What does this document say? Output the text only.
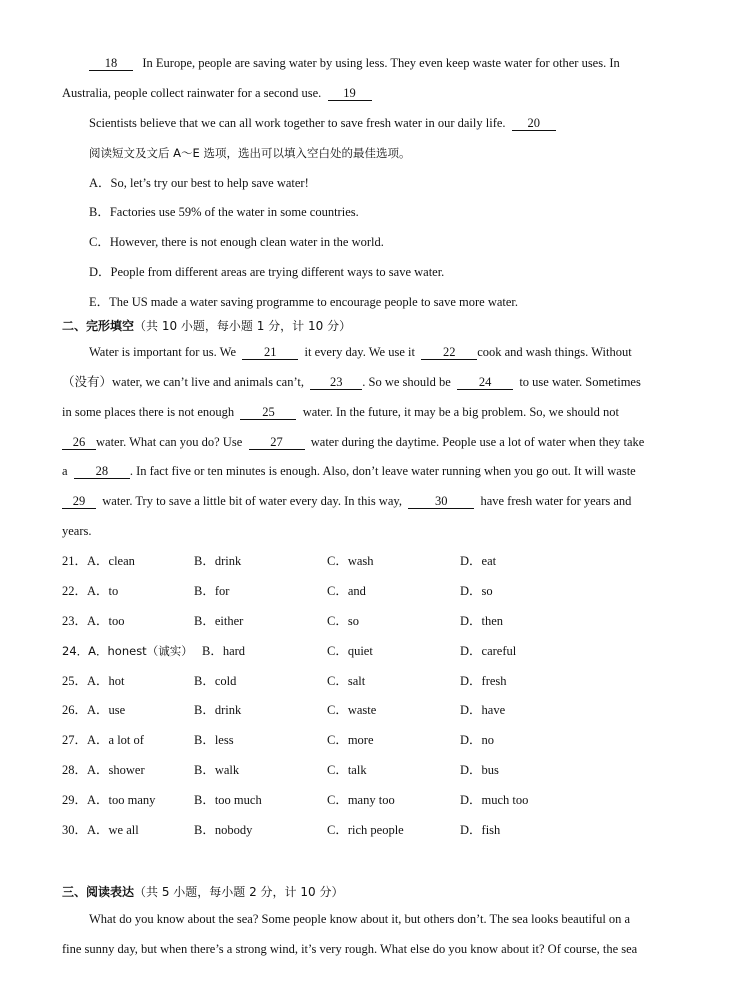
18 In Europe, people are saving water by using less. They even keep waste water for other uses. In
Australia, people collect rainwater for a second use. 19
Scientists believe that we can all work together to save fresh water in our daily life. 20
阅读短文及文后 A～E 选项，选出可以填入空白处的最佳选项。
A．So, let’s try our best to help save water!
B．Factories use 59% of the water in some countries.
C．However, there is not enough clean water in the world.
D．People from different areas are trying different ways to save water.
E．The US made a water saving programme to encourage people to save more water.
二、完形填空（共 10 小题，每小题 1 分，计 10 分）
Water is important for us. We 21 it every day. We use it 22 cook and wash things. Without
（没有）water, we can’t live and animals can’t, 23 . So we should be 24 to use water. Sometimes
in some places there is not enough 25 water. In the future, it may be a big problem. So, we should not
26 water. What can you do? Use 27 water during the daytime. People use a lot of water when they take
a 28 . In fact five or ten minutes is enough. Also, don’t leave water running when you go out. It will waste
29 water. Try to save a little bit of water every day. In this way,	30	have fresh water for years and
years.
21．A．clean	B．drink	C．wash	D．eat
22．A．to	B．for	C．and	D．so
23．A．too	B．either	C．so	D．then
24．A．honest（诚实） B．hard	C．quiet	D．careful
25．A．hot	B．cold	C．salt	D．fresh
26．A．use	B．drink	C．waste	D．have
27．A．a lot of	B．less	C．more	D．no
28．A．shower	B．walk	C．talk	D．bus
29．A．too many	B．too much	C．many too	D．much too
30．A．we all	B．nobody	C．rich people	D．fish
三、阅读表达（共 5 小题，每小题 2 分，计 10 分）
What do you know about the sea? Some people know about it, but others don’t. The sea looks beautiful on a
fine sunny day, but when there’s a strong wind, it’s very rough. What else do you know about it? Of course, the sea
